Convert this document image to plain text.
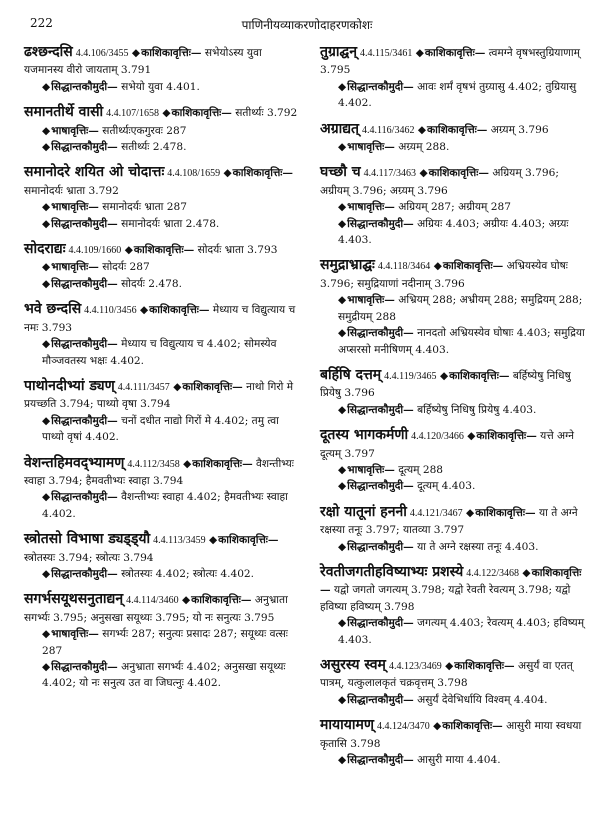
222	पाणिनीयव्याकरणोदाहरणकोशः
ढश्छन्दसि 4.4.106/3455 ◆ काशिकावृत्तिः— सभेयोऽस्य युवा यजमानस्य वीरो जायताम् 3.791
◆ सिद्धान्तकौमुदी— सभेयो युवा 4.401.
समानतीर्थे वासी 4.4.107/1658 ◆ काशिकावृत्तिः— सतीर्थ्यः 3.792
◆ भाषावृत्तिः— सतीर्थ्यःएकगुरवः 287
◆ सिद्धान्तकौमुदी— सतीर्थ्यः 2.478.
समानोदरे शयित ओ चोदात्तः 4.4.108/1659 ◆ काशिकावृत्तिः— समानोदर्यः भ्राता 3.792
◆ भाषावृत्तिः— समानोदर्यः भ्राता 287
◆ सिद्धान्तकौमुदी— समानोदर्यः भ्राता 2.478.
सोदराद्यः 4.4.109/1660 ◆ काशिकावृत्तिः— सोदर्यः भ्राता 3.793
◆ भाषावृत्तिः— सोदर्यः 287
◆ सिद्धान्तकौमुदी— सोदर्यः 2.478.
भवे छन्दसि 4.4.110/3456 ◆ काशिकावृत्तिः— मेध्याय च विद्युत्याय च नमः 3.793
◆ सिद्धान्तकौमुदी— मेध्याय च विद्युत्याय च 4.402; सोमस्येव मौञ्जवतस्य भक्षः 4.402.
पाथोनदीभ्यां ड्यण् 4.4.111/3457 ◆ काशिकावृत्तिः— नाथो गिरो मे प्रयच्छति 3.794; पाथ्यो वृषा 3.794
◆ सिद्धान्तकौमुदी— चनों दधीत नाद्यो गिरों मे 4.402; तमु त्वा पाथ्यो वृषां 4.402.
वेशन्तहिमवद्भ्यामण् 4.4.112/3458 ◆ काशिकावृत्तिः— वैशन्तीभ्यः स्वाहा 3.794; हैमवतीभ्यः स्वाहा 3.794
◆ सिद्धान्तकौमुदी— वैशन्तीभ्यः स्वाहा 4.402; हैमवतीभ्यः स्वाहा 4.402.
स्त्रोतसो विभाषा ड्यड्ड्यौ 4.4.113/3459 ◆ काशिकावृत्तिः— स्त्रोतस्यः 3.794; स्त्रोत्यः 3.794
◆ सिद्धान्तकौमुदी— स्त्रोतस्यः 4.402; स्त्रोत्यः 4.402.
सगर्भसयूथसनुताद्यन् 4.4.114/3460 ◆ काशिकावृत्तिः— अनुभ्राता सगर्भ्यः 3.795; अनुसखा सयूथ्यः 3.795; यो नः सनुत्यः 3.795
◆ भाषावृत्तिः— सगर्भ्यः 287; सनुत्यः प्रसादः 287; सयूथ्यः वत्सः 287
◆ सिद्धान्तकौमुदी— अनुभ्राता सगर्भ्यः 4.402; अनुसखा सयूथ्यः 4.402; यो नः सनुत्य उत वा जिघत्नुः 4.402.
तुग्राद्घन् 4.4.115/3461 ◆ काशिकावृत्तिः— त्वमग्ने वृषभस्तुग्रियाणाम् 3.795
◆ सिद्धान्तकौमुदी— आवः शर्मं वृषभं तुग्र्यासु 4.402; तुग्रियासु 4.402.
अग्राद्यत् 4.4.116/3462 ◆ काशिकावृत्तिः— अग्र्यम् 3.796
◆ भाषावृत्तिः— अग्र्यम् 288.
घच्छौ च 4.4.117/3463 ◆ काशिकावृत्तिः— अग्रियम् 3.796; अग्रीयम् 3.796; अग्र्यम् 3.796
◆ भाषावृत्तिः— अग्रियम् 287; अग्रीयम् 287
◆ सिद्धान्तकौमुदी— अग्रियः 4.403; अग्रीयः 4.403; अग्र्यः 4.403.
समुद्राभ्राद्घः 4.4.118/3464 ◆ काशिकावृत्तिः— अभ्रियस्येव घोषः 3.796; समुद्रियाणां नदीनाम् 3.796
◆ भाषावृत्तिः— अभ्रियम् 288; अभ्रीयम् 288; समुद्रियम् 288; समुद्रीयम् 288
◆ सिद्धान्तकौमुदी— नानदतो अभ्रियस्येव घोषाः 4.403; समुद्रिया अप्सरसो मनीषिणम् 4.403.
बर्हिषि दत्तम् 4.4.119/3465 ◆ काशिकावृत्तिः— बर्हिष्येषु निधिषु प्रियेषु 3.796
◆ सिद्धान्तकौमुदी— बर्हिष्येषु निधिषु प्रियेषु 4.403.
दूतस्य भागकर्मणी 4.4.120/3466 ◆ काशिकावृत्तिः— यत्ते अग्ने दूत्यम् 3.797
◆ भाषावृत्तिः— दूत्यम् 288
◆ सिद्धान्तकौमुदी— दूत्यम् 4.403.
रक्षो यातूनां हननी 4.4.121/3467 ◆ काशिकावृत्तिः— या ते अग्ने रक्षस्या तनूः 3.797; यातव्या 3.797
◆ सिद्धान्तकौमुदी— या ते अग्ने रक्षस्या तनूः 4.403.
रेवतीजगतीहविष्याभ्यः प्रशस्ये 4.4.122/3468 ◆ काशिकावृत्तिः— यद्वो जगतो जगत्यम् 3.798; यद्वो रेवती रेवत्यम् 3.798; यद्वो हविष्या हविष्यम् 3.798
◆ सिद्धान्तकौमुदी— जगत्यम् 4.403; रेवत्यम् 4.403; हविष्यम् 4.403.
असुरस्य स्वम् 4.4.123/3469 ◆ काशिकावृत्तिः— असुर्यं वा एतत् पात्रम्, यत्कुलालकृतं चक्रवृत्तम् 3.798
◆ सिद्धान्तकौमुदी— असुर्यं देवेभिर्धायि विश्वम् 4.404.
मायायामण् 4.4.124/3470 ◆ काशिकावृत्तिः— आसुरी माया स्वधया कृतासि 3.798
◆ सिद्धान्तकौमुदी— आसुरी माया 4.404.
